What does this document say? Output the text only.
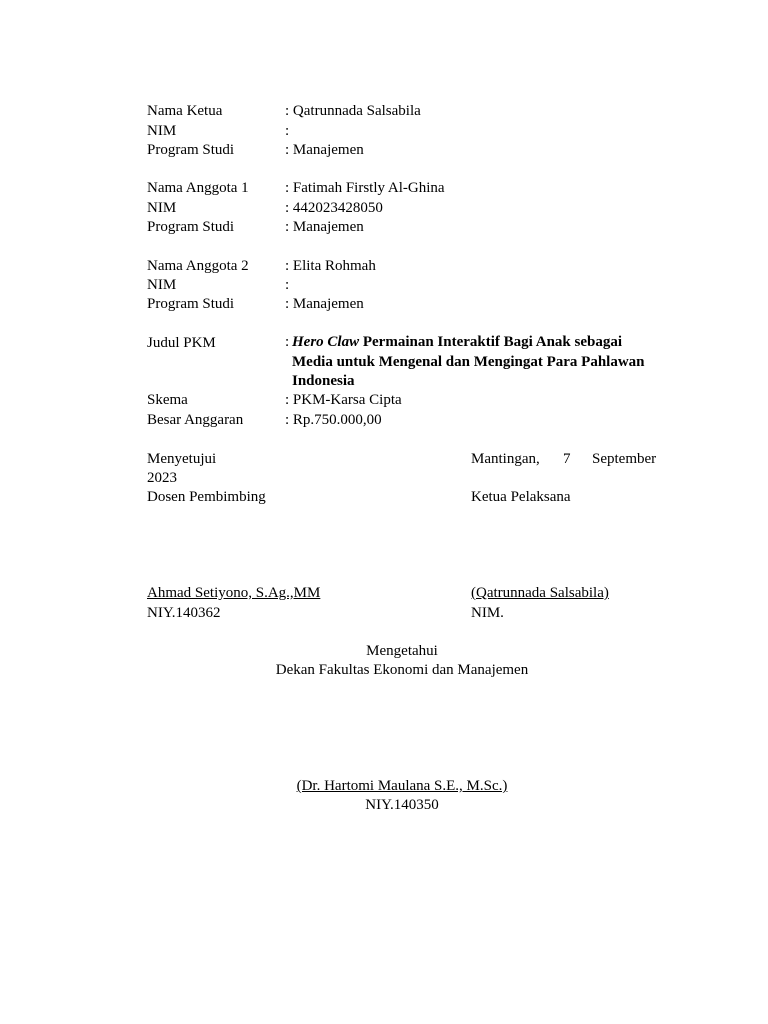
Nama Ketua	: Qatrunnada Salsabila
NIM	:
Program Studi	: Manajemen
Nama Anggota 1 : Fatimah Firstly Al-Ghina
NIM	: 442023428050
Program Studi	: Manajemen
Nama Anggota 2 : Elita Rohmah
NIM	:
Program Studi	: Manajemen
Judul PKM	: Hero Claw Permainan Interaktif Bagi Anak sebagai
Media untuk Mengenal dan Mengingat Para Pahlawan
Indonesia
Skema	: PKM-Karsa Cipta
Besar Anggaran	: Rp.750.000,00
Menyetujui	Mantingan, 7 September
2023
Dosen Pembimbing	Ketua Pelaksana
Ahmad Setiyono, S.Ag.,MM	(Qatrunnada Salsabila)
NIY.140362	NIM.
Mengetahui
Dekan Fakultas Ekonomi dan Manajemen
(Dr. Hartomi Maulana S.E., M.Sc.)
NIY.140350
